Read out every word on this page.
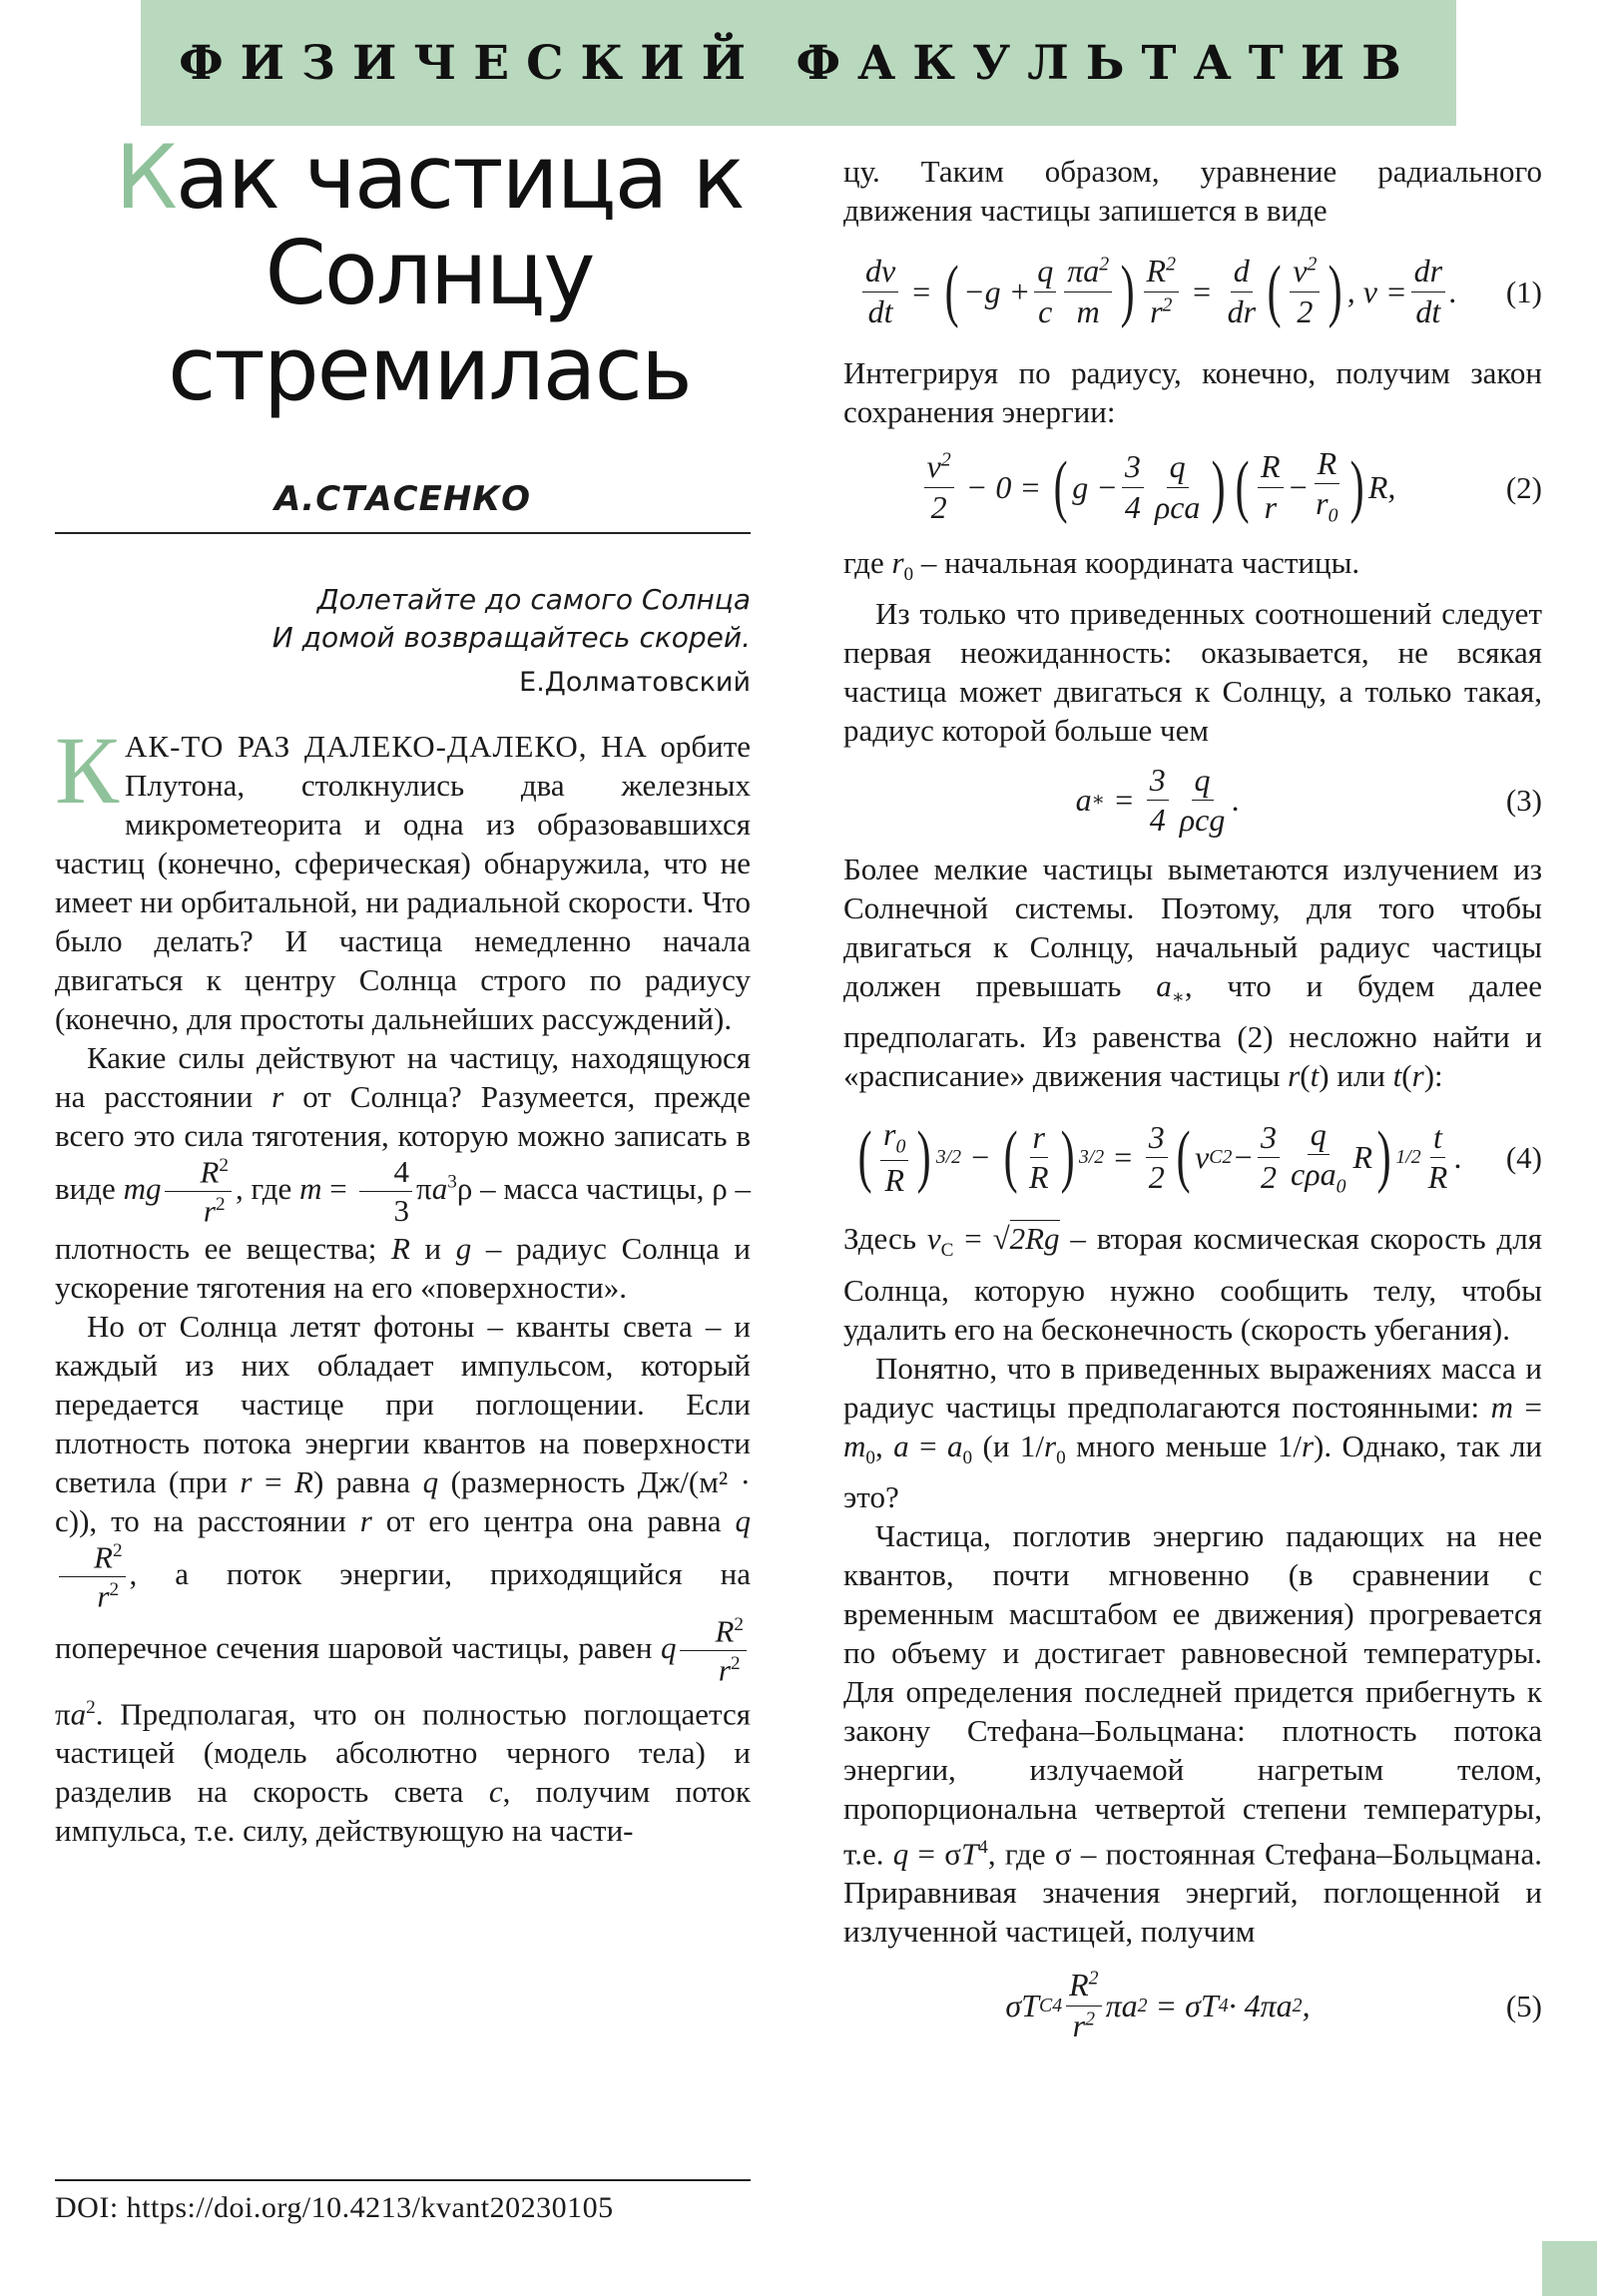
ФИЗИЧЕСКИЙ ФАКУЛЬТАТИВ
Как частица к
Солнцу
стремилась
А.СТАСЕНКО
Долетайте до самого Солнца
И домой возвращайтесь скорей.
Е.Долматовский

КАК-ТО РАЗ ДАЛЕКО-ДАЛЕКО, НА орбите Плутона, столкнулись два железных микрометеорита и одна из образовавшихся частиц (конечно, сферическая) обнаружила, что не имеет ни орбитальной, ни радиальной скорости. Что было делать? И частица немедленно начала двигаться к центру Солнца строго по радиусу (конечно, для простоты дальнейших рассуждений).

Какие силы действуют на частицу, находящуюся на расстоянии r от Солнца? Разумеется, прежде всего это сила тяготения, которую можно записать в виде mg $\frac{R^2}{r^2}$ , где $m = \frac{4}{3} \pi a^3\rho$ – масса частицы, ρ – плотность ее вещества; R и g – радиус Солнца и ускорение тяготения на его «поверхности».

Но от Солнца летят фотоны – кванты света – и каждый из них обладает импульсом, который передается частице при поглощении. Если плотность потока энергии квантов на поверхности светила (при r = R) равна q (размерность Дж/(м² · c)), то на расстоянии r от его центра она равна q
$\frac{R^2}{r^2}$ , а поток энергии, приходящийся на поперечное сечения шаровой частицы, равен q $\frac{R^2}{r^2}$
$\pi a^2$. Предполагая, что он полностью поглощается частицей (модель абсолютно черного тела) и разделив на скорость света c, получим поток импульса, т.е. силу, действующую на части-

DOI: https://doi.org/10.4213/kvant20230105

цу. Таким образом, уравнение радиального движения частицы запишется в виде

$\frac{dv}{dt}$ = ( $-g + \frac{q}{c} \frac{\pi a^2}{m}$ ) $\frac{R^2}{r^2} = \frac{d}{dr}$ ( $\frac{v^2}{2}$ ) , $v = \frac{dr}{dt}$ .	(1)

Интегрируя по радиусу, конечно, получим закон сохранения энергии:

$\frac{v^2}{2} - 0$ = ( $g - \frac{3}{4} \frac{q}{\text{ρca}}$ ) ( $\frac{R}{r} - \frac{R}{r_0}$ ) R,	(2)

где $r_0$ – начальная координата частицы.

Из только что приведенных соотношений следует первая неожиданность: оказывается, не всякая частица может двигаться к Солнцу, а только такая, радиус которой больше чем

a ∗ = $\frac{3}{4} \frac{q}{\text{ρcg}}$ .	(3)

Более мелкие частицы выметаются излучением из Солнечной системы. Поэтому, для того чтобы двигаться к Солнцу, начальный радиус частицы должен превышать $a_∗$, что и будем далее предполагать. Из равенства (2) несложно найти и «расписание» движения частицы r(t) или t(r):

( $\frac{r_0}{R}$ ) 3/2 − ( $\frac{r}{R}$ ) $3/2 = \frac{3}{2}$ ( v C $2 - \frac{3}{2} \frac{q}{c\rho a_0}$ R ) $1/2 \frac{t}{R}$ .	(4)

Здесь $v_C = √2Rg$ – вторая космическая скорость для Солнца, которую нужно сообщить телу, чтобы удалить его на бесконечность (скорость убегания).

Понятно, что в приведенных выражениях масса и радиус частицы предполагаются постоянными: $m = m_0$, $a = a_0$ (и $1/r_0$ много меньше 1/r). Однако, так ли это?

Частица, поглотив энергию падающих на нее квантов, почти мгновенно (в сравнении с временным масштабом ее движения) прогревается по объему и достигает равновесной температуры. Для определения последней придется прибегнуть к закону Стефана–Больцмана: плотность потока энергии, излучаемой нагретым телом, пропорциональна четвертой степени температуры, т.е. $q = \sigma T^4$, где σ – постоянная Стефана–Больцмана. Приравнивая значения энергий, поглощенной и излученной частицей, получим

σT C $4 \frac{R^2}{r^2}$ πa 2 = σT 4 · 4πa 2 ,	(5)
